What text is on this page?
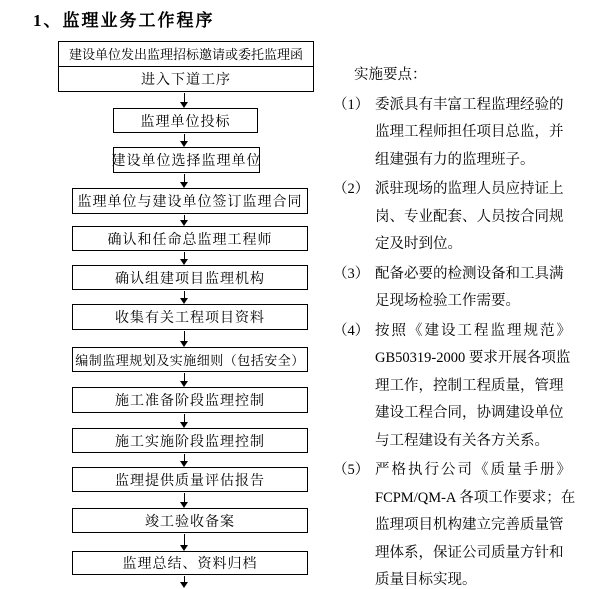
1、监理业务工作程序
建设单位发出监理招标邀请或委托监理函
进入下道工序
监理单位投标
建设单位选择监理单位
监理单位与建设单位签订监理合同
确认和任命总监理工程师
确认组建项目监理机构
收集有关工程项目资料
编制监理规划及实施细则（包括安全）
施工准备阶段监理控制
施工实施阶段监理控制
监理提供质量评估报告
竣工验收备案
监理总结、资料归档
实施要点：
（1） 委派具有丰富工程监理经验的
监理工程师担任项目总监，并
组建强有力的监理班子。
（2） 派驻现场的监理人员应持证上
岗、专业配套、人员按合同规
定及时到位。
（3） 配备必要的检测设备和工具满
足现场检验工作需要。
（4） 按照《建设工程监理规范》
GB50319-2000 要求开展各项监
理工作，控制工程质量，管理
建设工程合同，协调建设单位
与工程建设有关各方关系。
（5） 严格执行公司《质量手册》
FCPM/QM-A 各项工作要求；在
监理项目机构建立完善质量管
理体系，保证公司质量方针和
质量目标实现。
